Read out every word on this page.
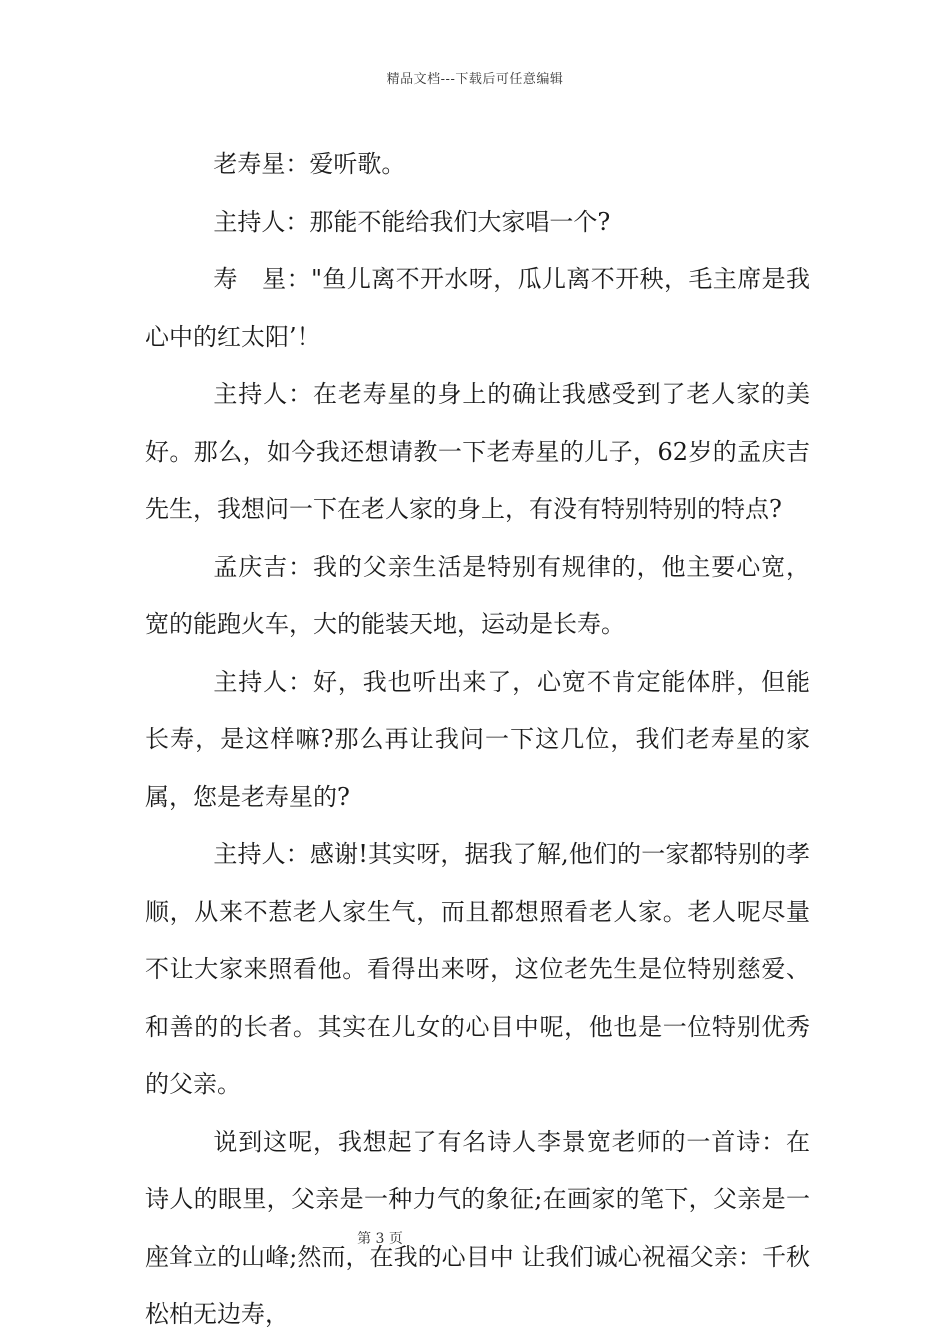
精品文档---下载后可任意编辑

老寿星：爱听歌。

主持人：那能不能给我们大家唱一个?

寿　星："鱼儿离不开水呀，瓜儿离不开秧，毛主席是我心中的红太阳’！

主持人：在老寿星的身上的确让我感受到了老人家的美好。那么，如今我还想请教一下老寿星的儿子，62岁的孟庆吉先生，我想问一下在老人家的身上，有没有特别特别的特点?

孟庆吉：我的父亲生活是特别有规律的，他主要心宽，宽的能跑火车，大的能装天地，运动是长寿。

主持人：好，我也听出来了，心宽不肯定能体胖，但能长寿，是这样嘛?那么再让我问一下这几位，我们老寿星的家属，您是老寿星的?

主持人：感谢!其实呀，据我了解,他们的一家都特别的孝顺，从来不惹老人家生气，而且都想照看老人家。老人呢尽量不让大家来照看他。看得出来呀，这位老先生是位特别慈爱、和善的的长者。其实在儿女的心目中呢，他也是一位特别优秀的父亲。

说到这呢，我想起了有名诗人李景宽老师的一首诗：在诗人的眼里，父亲是一种力气的象征;在画家的笔下，父亲是一座耸立的山峰;然而，在我的心目中 让我们诚心祝福父亲：千秋松柏无边寿，

第 3 页
